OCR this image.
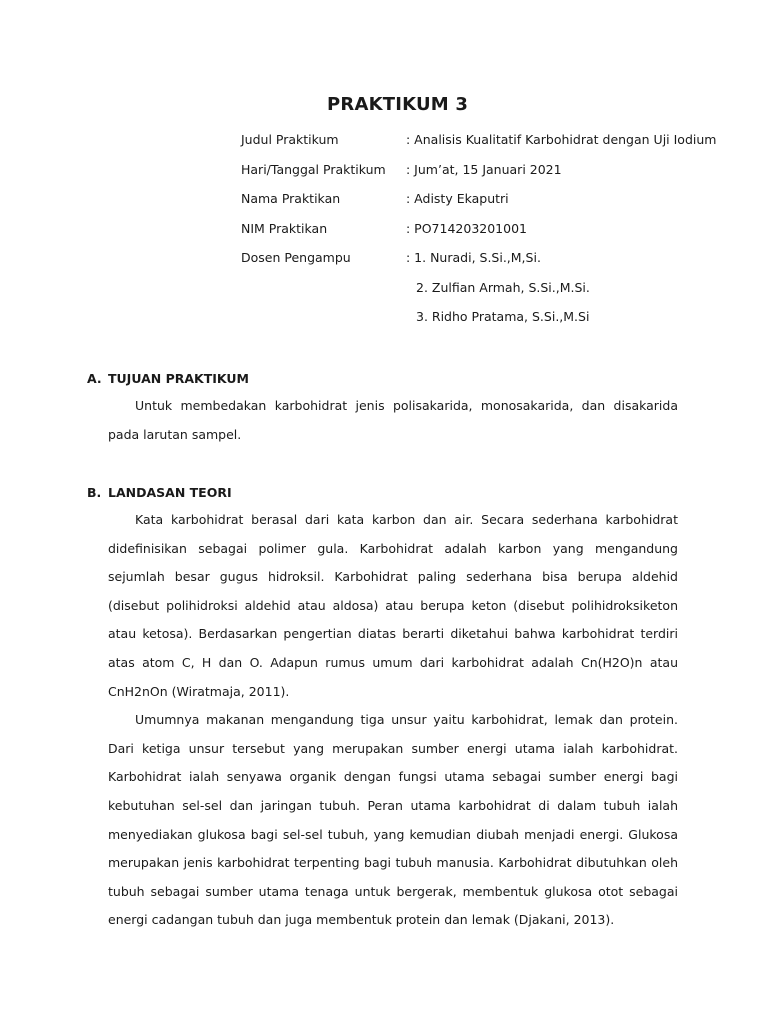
PRAKTIKUM 3
Judul Praktikum	: Analisis Kualitatif Karbohidrat dengan Uji Iodium
Hari/Tanggal Praktikum : Jum’at, 15 Januari 2021
Nama Praktikan	: Adisty Ekaputri
NIM Praktikan	: PO714203201001
Dosen Pengampu	: 1. Nuradi, S.Si.,M,Si.
2. Zulfian Armah, S.Si.,M.Si.
3. Ridho Pratama, S.Si.,M.Si
A. TUJUAN PRAKTIKUM

Untuk membedakan karbohidrat jenis polisakarida, monosakarida, dan disakarida pada larutan sampel.

B. LANDASAN TEORI

Kata karbohidrat berasal dari kata karbon dan air. Secara sederhana karbohidrat didefinisikan sebagai polimer gula. Karbohidrat adalah karbon yang mengandung sejumlah besar gugus hidroksil. Karbohidrat paling sederhana bisa berupa aldehid (disebut polihidroksi aldehid atau aldosa) atau berupa keton (disebut polihidroksiketon atau ketosa). Berdasarkan pengertian diatas berarti diketahui bahwa karbohidrat terdiri atas atom C, H dan O. Adapun rumus umum dari karbohidrat adalah Cn(H2O)n atau CnH2nOn (Wiratmaja, 2011).

Umumnya makanan mengandung tiga unsur yaitu karbohidrat, lemak dan protein. Dari ketiga unsur tersebut yang merupakan sumber energi utama ialah karbohidrat. Karbohidrat ialah senyawa organik dengan fungsi utama sebagai sumber energi bagi kebutuhan sel-sel dan jaringan tubuh. Peran utama karbohidrat di dalam tubuh ialah menyediakan glukosa bagi sel-sel tubuh, yang kemudian diubah menjadi energi. Glukosa merupakan jenis karbohidrat terpenting bagi tubuh manusia. Karbohidrat dibutuhkan oleh tubuh sebagai sumber utama tenaga untuk bergerak, membentuk glukosa otot sebagai energi cadangan tubuh dan juga membentuk protein dan lemak (Djakani, 2013).
